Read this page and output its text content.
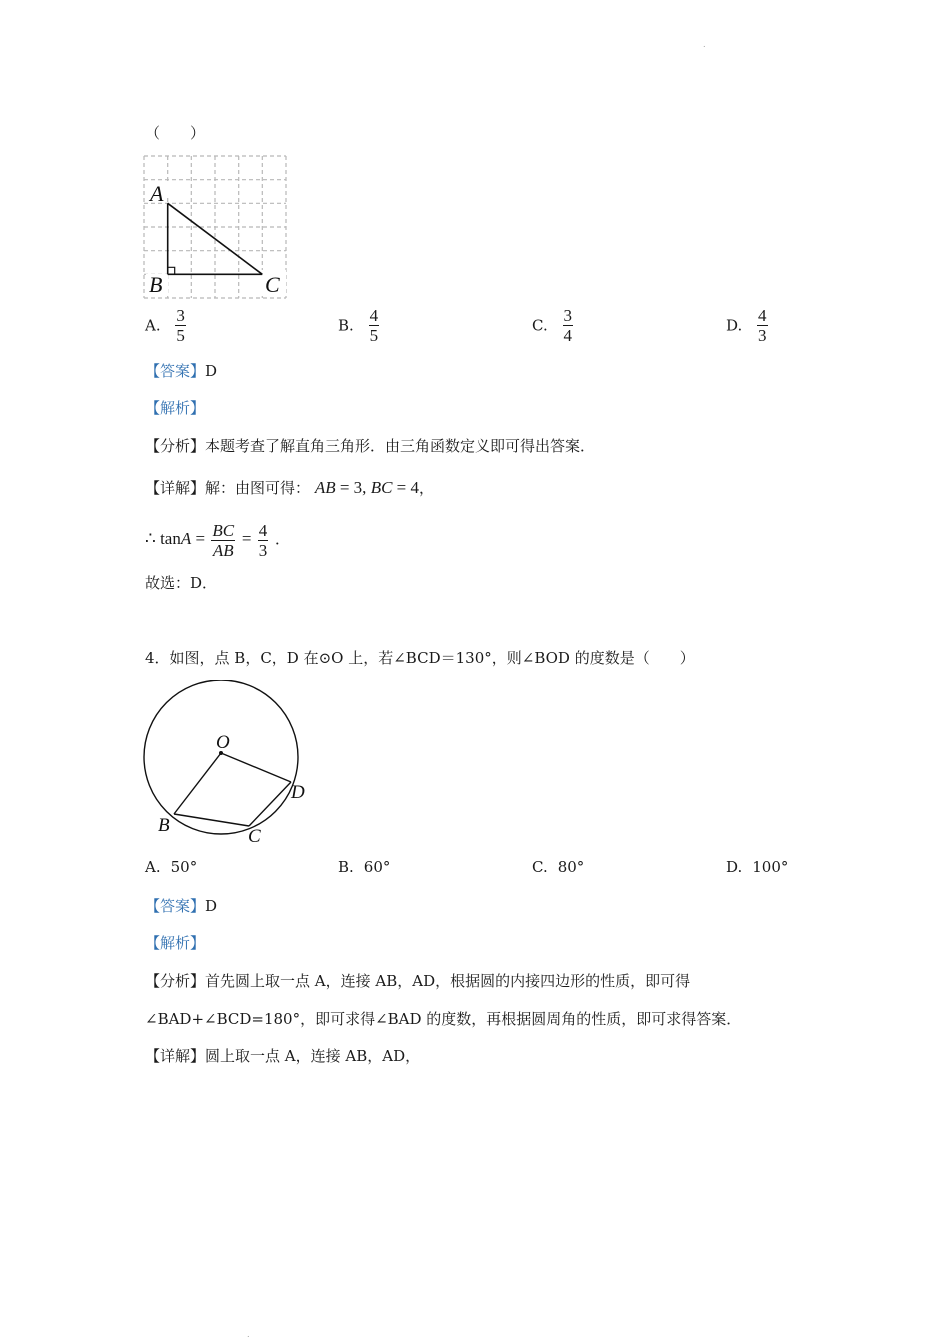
.
.
（　　）
A
B	C
A. $\frac{3}{5}$	B. $\frac{4}{5}$	C. $\frac{3}{4}$	D. $\frac{4}{3}$
【答案】D
【解析】
【分析】本题考查了解直角三角形．由三角函数定义即可得出答案．
【详解】解：由图可得： AB = 3, BC = 4，
∴ $\tan A = \frac{BC}{AB} = \frac{4}{3}$ ．
故选：D．
4．如图，点 B，C，D 在⊙O 上，若∠BCD＝130°，则∠BOD 的度数是（　　）
O
B
C
D
A. 50°	B. 60°	C. 80°	D. 100°
【答案】D
【解析】
【分析】首先圆上取一点 A，连接 AB，AD，根据圆的内接四边形的性质，即可得
∠BAD+∠BCD=180°，即可求得∠BAD 的度数，再根据圆周角的性质，即可求得答案．
【详解】圆上取一点 A，连接 AB，AD，
